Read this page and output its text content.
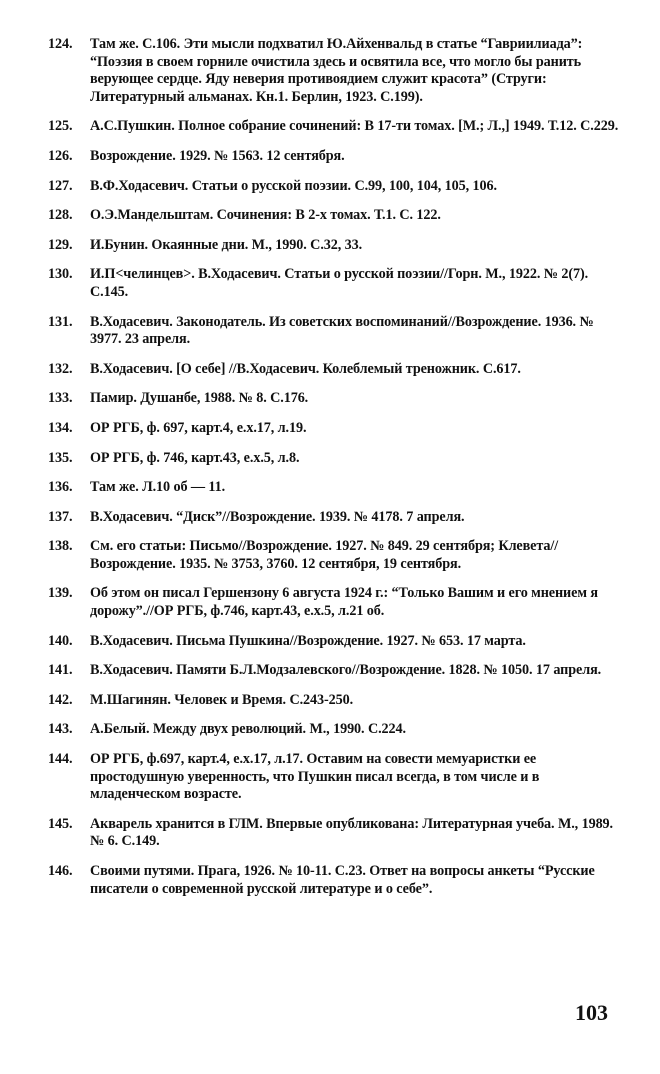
124.	Там же. С.106. Эти мысли подхватил Ю.Айхенвальд в статье “Гавриилиада”: “Поэзия в своем горниле очистила здесь и освятила все, что могло бы ранить верующее сердце. Яду неверия противоядием служит красота” (Струги: Литературный альманах. Кн.1. Берлин, 1923. С.199).
125.	А.С.Пушкин. Полное собрание сочинений: В 17-ти томах. [М.; Л.,] 1949. Т.12. С.229.
126.	Возрождение. 1929. № 1563. 12 сентября.
127.	В.Ф.Ходасевич. Статьи о русской поэзии. С.99, 100, 104, 105, 106.
128.	О.Э.Мандельштам. Сочинения: В 2-х томах. Т.1. С. 122.
129.	И.Бунин. Окаянные дни. М., 1990. С.32, 33.
130.	И.П<челинцев>. В.Ходасевич. Статьи о русской поэзии//Горн. М., 1922. № 2(7). С.145.
131.	В.Ходасевич. Законодатель. Из советских воспоминаний//Возрождение. 1936. № 3977. 23 апреля.
132.	В.Ходасевич. [О себе] //В.Ходасевич. Колеблемый треножник. С.617.
133.	Памир. Душанбе, 1988. № 8. С.176.
134.	ОР РГБ, ф. 697, карт.4, е.х.17, л.19.
135.	ОР РГБ, ф. 746, карт.43, е.х.5, л.8.
136.	Там же. Л.10 об — 11.
137.	В.Ходасевич. “Диск”//Возрождение. 1939. № 4178. 7 апреля.
138.	См. его статьи: Письмо//Возрождение. 1927. № 849. 29 сентября; Клевета//Возрождение. 1935. № 3753, 3760. 12 сентября, 19 сентября.
139.	Об этом он писал Гершензону 6 августа 1924 г.: “Только Вашим и его мнением я дорожу”.//ОР РГБ, ф.746, карт.43, е.х.5, л.21 об.
140.	В.Ходасевич. Письма Пушкина//Возрождение. 1927. № 653. 17 марта.
141.	В.Ходасевич. Памяти Б.Л.Модзалевского//Возрождение. 1828. № 1050. 17 апреля.
142.	М.Шагинян. Человек и Время. С.243-250.
143.	А.Белый. Между двух революций. М., 1990. С.224.
144.	ОР РГБ, ф.697, карт.4, е.х.17, л.17. Оставим на совести мемуаристки ее простодушную уверенность, что Пушкин писал всегда, в том числе и в младенческом возрасте.
145.	Акварель хранится в ГЛМ. Впервые опубликована: Литературная учеба. М., 1989. № 6. С.149.
146.	Своими путями. Прага, 1926. № 10-11. С.23. Ответ на вопросы анкеты “Русские писатели о современной русской литературе и о себе”.
103
